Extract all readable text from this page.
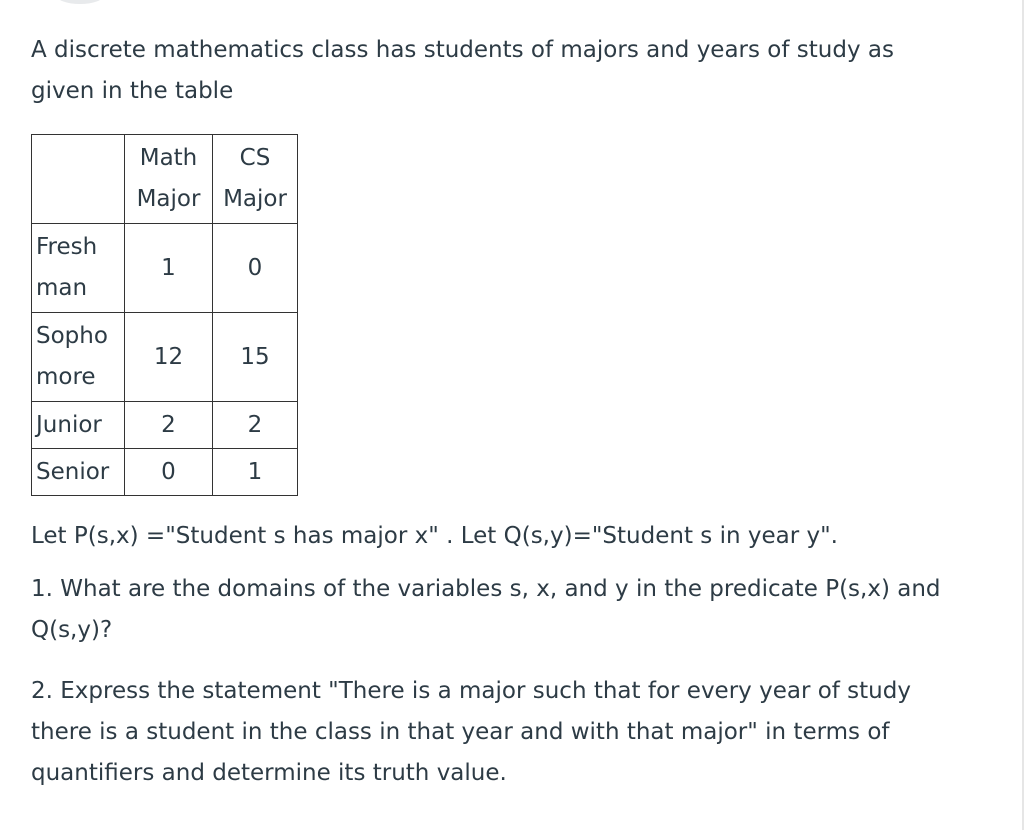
A discrete mathematics class has students of majors and years of study as given in the table

	Math Major	CS Major
Fresh man	1	0
Sopho more	12	15
Junior	2	2
Senior	0	1

Let P(s,x) ="Student s has major x" . Let Q(s,y)="Student s in year y".

1. What are the domains of the variables s, x, and y in the predicate P(s,x) and Q(s,y)?

2. Express the statement "There is a major such that for every year of study there is a student in the class in that year and with that major" in terms of quantifiers and determine its truth value.
